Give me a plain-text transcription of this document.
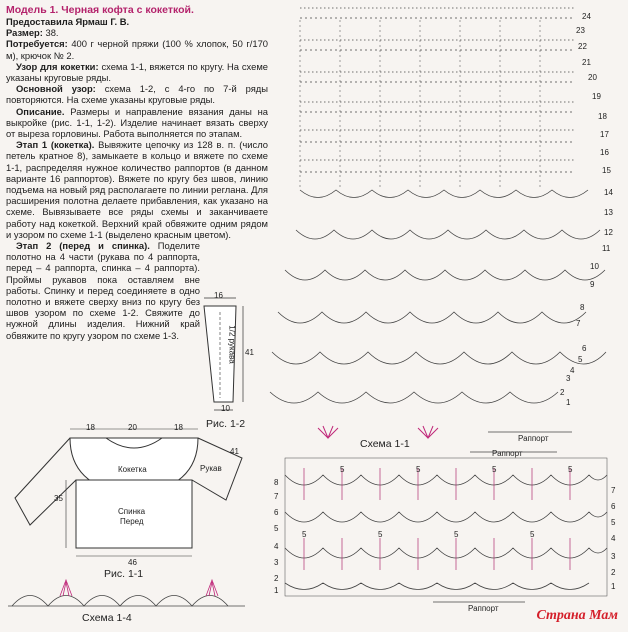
Модель 1. Черная кофта с кокеткой.

Предоставила Ярмаш Г. В.

Размер: 38.

Потребуется: 400 г черной пряжи (100 % хлопок, 50 г/170 м), крючок № 2.

Узор для кокетки: схема 1-1, вяжется по кругу. На схеме указаны круговые ряды.

Основной узор: схема 1-2, с 4-го по 7-й ряды повторяются. На схеме указаны круговые ряды.

Описание. Размеры и направление вязания даны на выкройке (рис. 1-1, 1-2). Изделие начинает вязать сверху от выреза горловины. Работа выполняется по этапам.

Этап 1 (кокетка). Вывяжите цепочку из 128 в. п. (число петель кратное 8), замыкаете в кольцо и вяжете по схеме 1-1, распределяя нужное количество раппортов (в данном варианте 16 раппортов). Вяжете по кругу без швов, линию подъема на новый ряд располагаете по линии реглана. Для расширения полотна делаете прибавления, как указано на схеме. Вывязываете все ряды схемы и заканчиваете работу над кокеткой. Верхний край обвяжите одним рядом и узором по схеме 1-1 (выделено красным цветом).

Этап 2 (перед и спинка). Поделите полотно на 4 части (рукава по 4 раппорта, перед – 4 раппорта, спинка – 4 раппорта). Проймы рукавов пока оставляем вне работы. Спинку и перед соединяете в одно полотно и вяжете сверху вниз по кругу без швов узором по схеме 1-2. Свяжите до нужной длины изделия. Нижний край обвяжите по кругу узором по схеме 1-3.

16
41
10
1/2 рукава
Рис. 1-2
18	20	18
41
Кокетка	Рукав
35
Спинка
Перед
46
Рис. 1-1
24
23
22
21
20
19
18
17
16
15
14
13
12
11
10
9
8
7
6
5
4
3
2
1
Схема 1-1	Раппорт
Раппорт
Раппорт
8
7
6
5
4
3
2
1
7
6
5
4
3
2
1
5	5	5	5
5	5	5	5
Схема 1-4	Страна Мам
